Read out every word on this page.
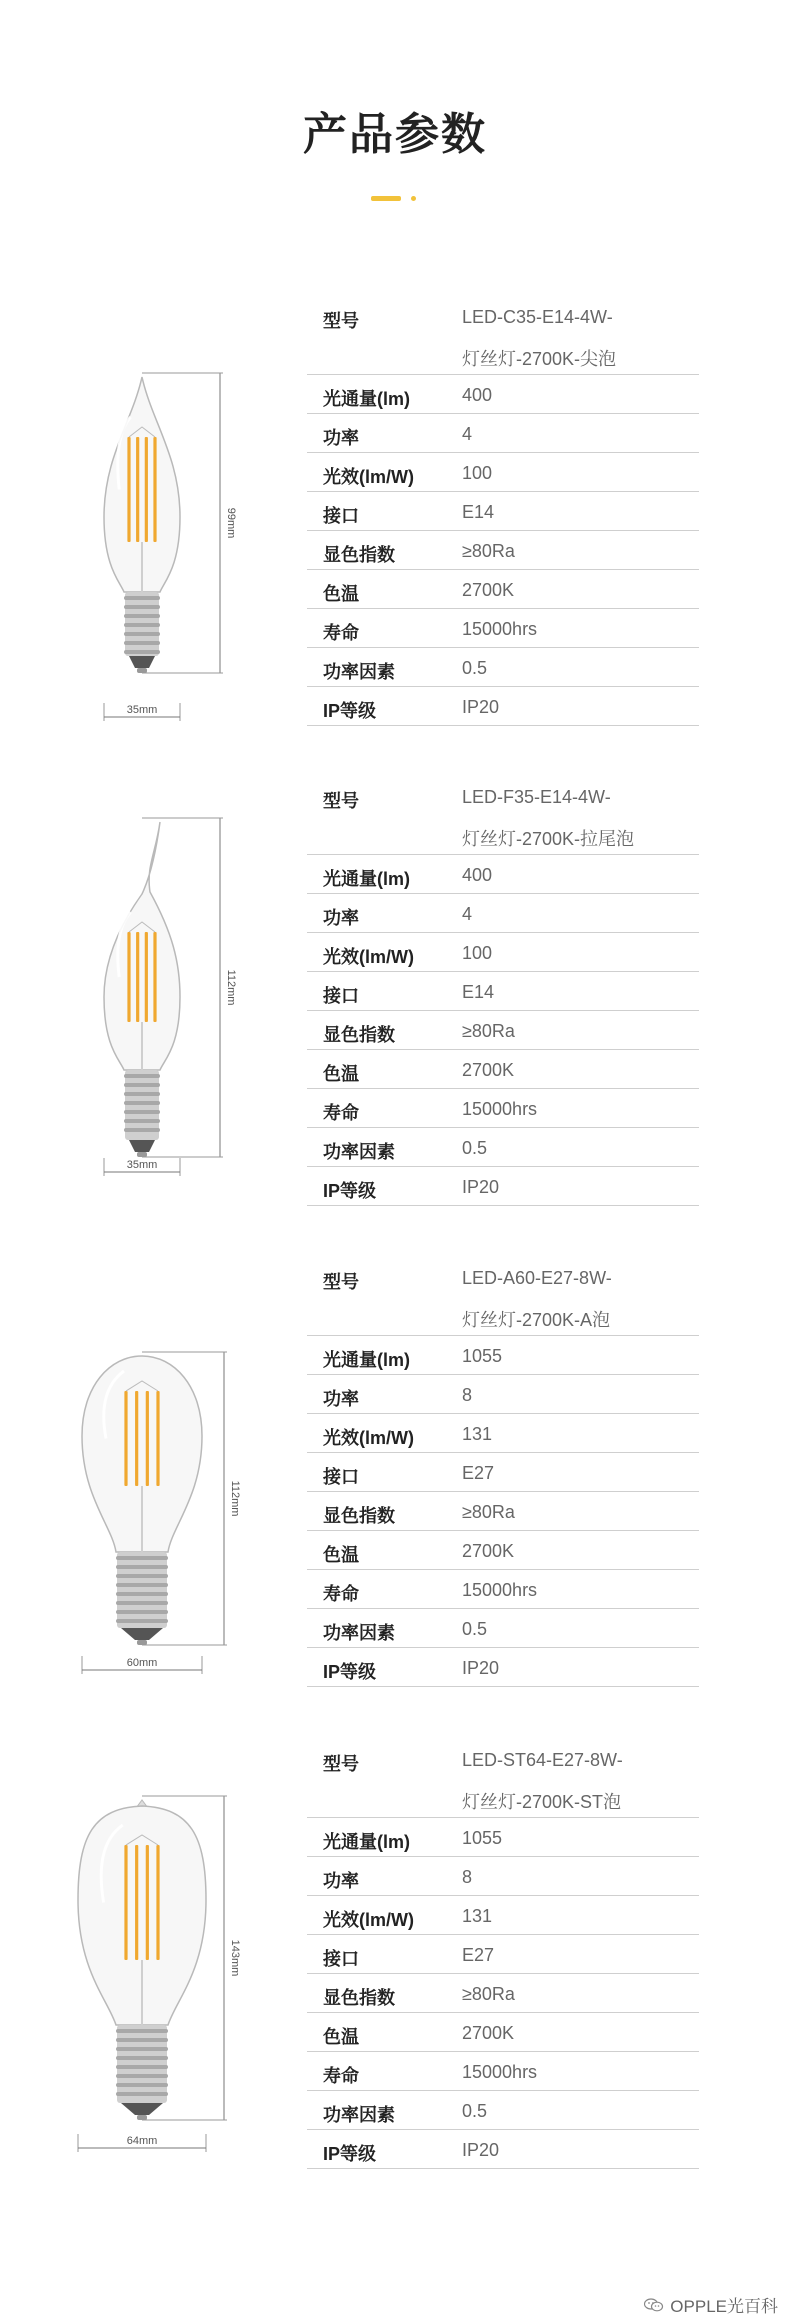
产品参数
99mm
35mm
型号	LED-C35-E14-4W-
灯丝灯-2700K-尖泡
光通量(lm)	400
功率	4
光效(lm/W)	100
接口	E14
显色指数	≥80Ra
色温	2700K
寿命	15000hrs
功率因素	0.5
IP等级	IP20
112mm
35mm
型号	LED-F35-E14-4W-
灯丝灯-2700K-拉尾泡
光通量(lm)	400
功率	4
光效(lm/W)	100
接口	E14
显色指数	≥80Ra
色温	2700K
寿命	15000hrs
功率因素	0.5
IP等级	IP20
112mm
60mm
型号	LED-A60-E27-8W-
灯丝灯-2700K-A泡
光通量(lm)	1055
功率	8
光效(lm/W)	131
接口	E27
显色指数	≥80Ra
色温	2700K
寿命	15000hrs
功率因素	0.5
IP等级	IP20
143mm
64mm
型号	LED-ST64-E27-8W-
灯丝灯-2700K-ST泡
光通量(lm)	1055
功率	8
光效(lm/W)	131
接口	E27
显色指数	≥80Ra
色温	2700K
寿命	15000hrs
功率因素	0.5
IP等级	IP20
OPPLE光百科
